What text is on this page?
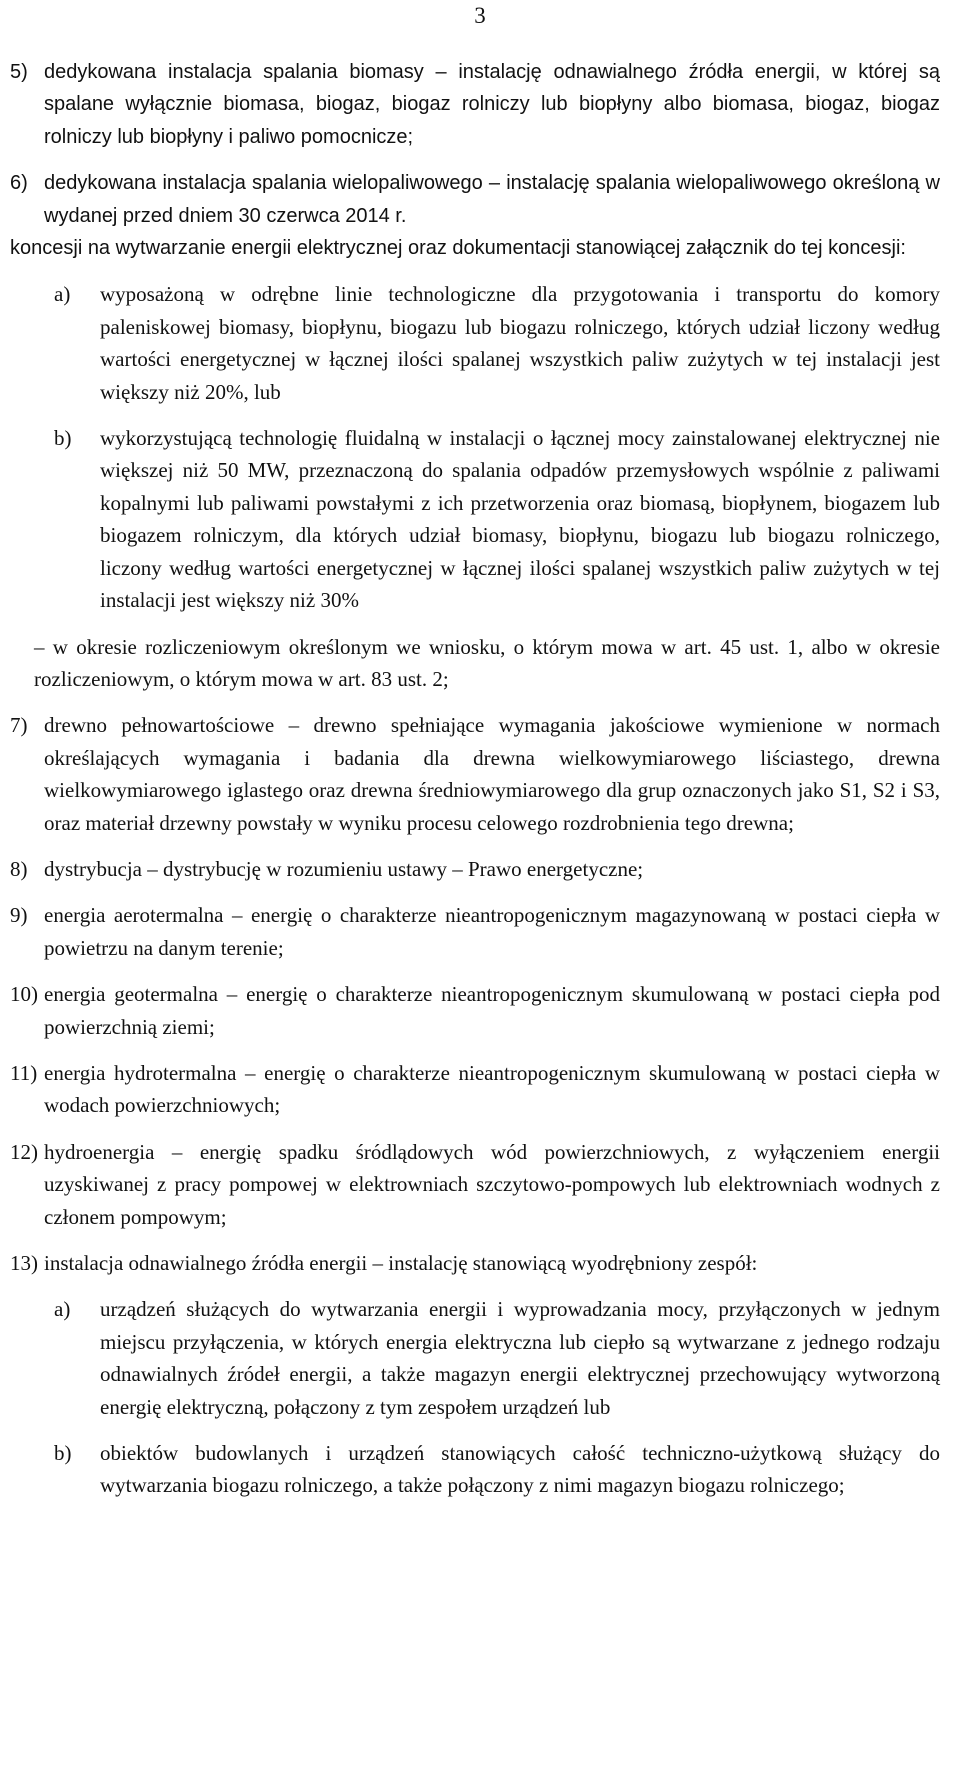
3
5) dedykowana instalacja spalania biomasy – instalację odnawialnego źródła energii, w której są spalane wyłącznie biomasa, biogaz, biogaz rolniczy lub biopłyny albo biomasa, biogaz, biogaz rolniczy lub biopłyny i paliwo pomocnicze;
6) dedykowana instalacja spalania wielopaliwowego – instalację spalania wielopaliwowego określoną w wydanej przed dniem 30 czerwca 2014 r.
koncesji na wytwarzanie energii elektrycznej oraz dokumentacji stanowiącej załącznik do tej koncesji:
a)	wyposażoną w odrębne linie technologiczne dla przygotowania i transportu do komory paleniskowej biomasy, biopłynu, biogazu lub biogazu rolniczego, których udział liczony według wartości energetycznej w łącznej ilości spalanej wszystkich paliw zużytych w tej instalacji jest większy niż 20%, lub
b)	wykorzystującą technologię fluidalną w instalacji o łącznej mocy zainstalowanej elektrycznej nie większej niż 50 MW, przeznaczoną do spalania odpadów przemysłowych wspólnie z paliwami kopalnymi lub paliwami powstałymi z ich przetworzenia oraz biomasą, biopłynem, biogazem lub biogazem rolniczym, dla których udział biomasy, biopłynu, biogazu lub biogazu rolniczego, liczony według wartości energetycznej w łącznej ilości spalanej wszystkich paliw zużytych w tej instalacji jest większy niż 30%
– w okresie rozliczeniowym określonym we wniosku, o którym mowa w art. 45 ust. 1, albo w okresie rozliczeniowym, o którym mowa w art. 83 ust. 2;
7) drewno pełnowartościowe – drewno spełniające wymagania jakościowe wymienione w normach określających wymagania i badania dla drewna wielkowymiarowego liściastego, drewna wielkowymiarowego iglastego oraz drewna średniowymiarowego dla grup oznaczonych jako S1, S2 i S3, oraz materiał drzewny powstały w wyniku procesu celowego rozdrobnienia tego drewna;
8) dystrybucja – dystrybucję w rozumieniu ustawy – Prawo energetyczne;
9) energia aerotermalna – energię o charakterze nieantropogenicznym magazynowaną w postaci ciepła w powietrzu na danym terenie;
10) energia geotermalna – energię o charakterze nieantropogenicznym skumulowaną w postaci ciepła pod powierzchnią ziemi;
11) energia hydrotermalna – energię o charakterze nieantropogenicznym skumulowaną w postaci ciepła w wodach powierzchniowych;
12) hydroenergia – energię spadku śródlądowych wód powierzchniowych, z wyłączeniem energii uzyskiwanej z pracy pompowej w elektrowniach szczytowo-pompowych lub elektrowniach wodnych z członem pompowym;
13) instalacja odnawialnego źródła energii – instalację stanowiącą wyodrębniony zespół:
a)	urządzeń służących do wytwarzania energii i wyprowadzania mocy, przyłączonych w jednym miejscu przyłączenia, w których energia elektryczna lub ciepło są wytwarzane z jednego rodzaju odnawialnych źródeł energii, a także magazyn energii elektrycznej przechowujący wytworzoną energię elektryczną, połączony z tym zespołem urządzeń lub
b)	obiektów budowlanych i urządzeń stanowiących całość techniczno-użytkową służący do wytwarzania biogazu rolniczego, a także połączony z nimi magazyn biogazu rolniczego;
